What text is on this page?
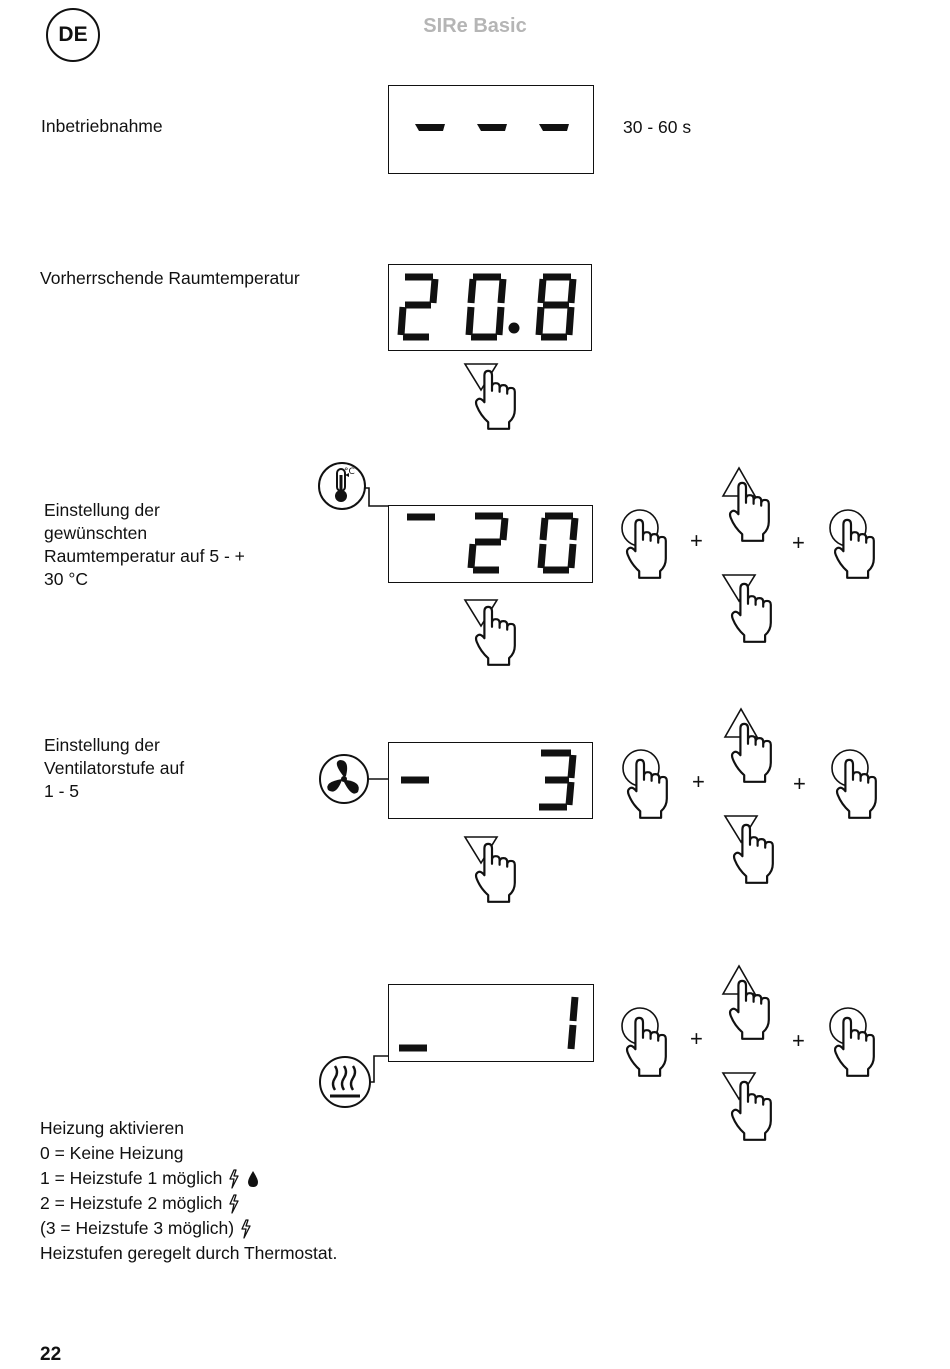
DE	SIRe Basic
Inbetriebnahme	30 - 60 s
Vorherrschende Raumtemperatur
Einstellung der
gewünschten
Raumtemperatur auf 5 - +
30 °C
°C
+	+
Einstellung der
Ventilatorstufe auf
1 - 5	+	+
+	+
Heizung aktivieren
0 = Keine Heizung
1 = Heizstufe 1 möglich
2 = Heizstufe 2 möglich
(3 = Heizstufe 3 möglich)
Heizstufen geregelt durch Thermostat.
22
